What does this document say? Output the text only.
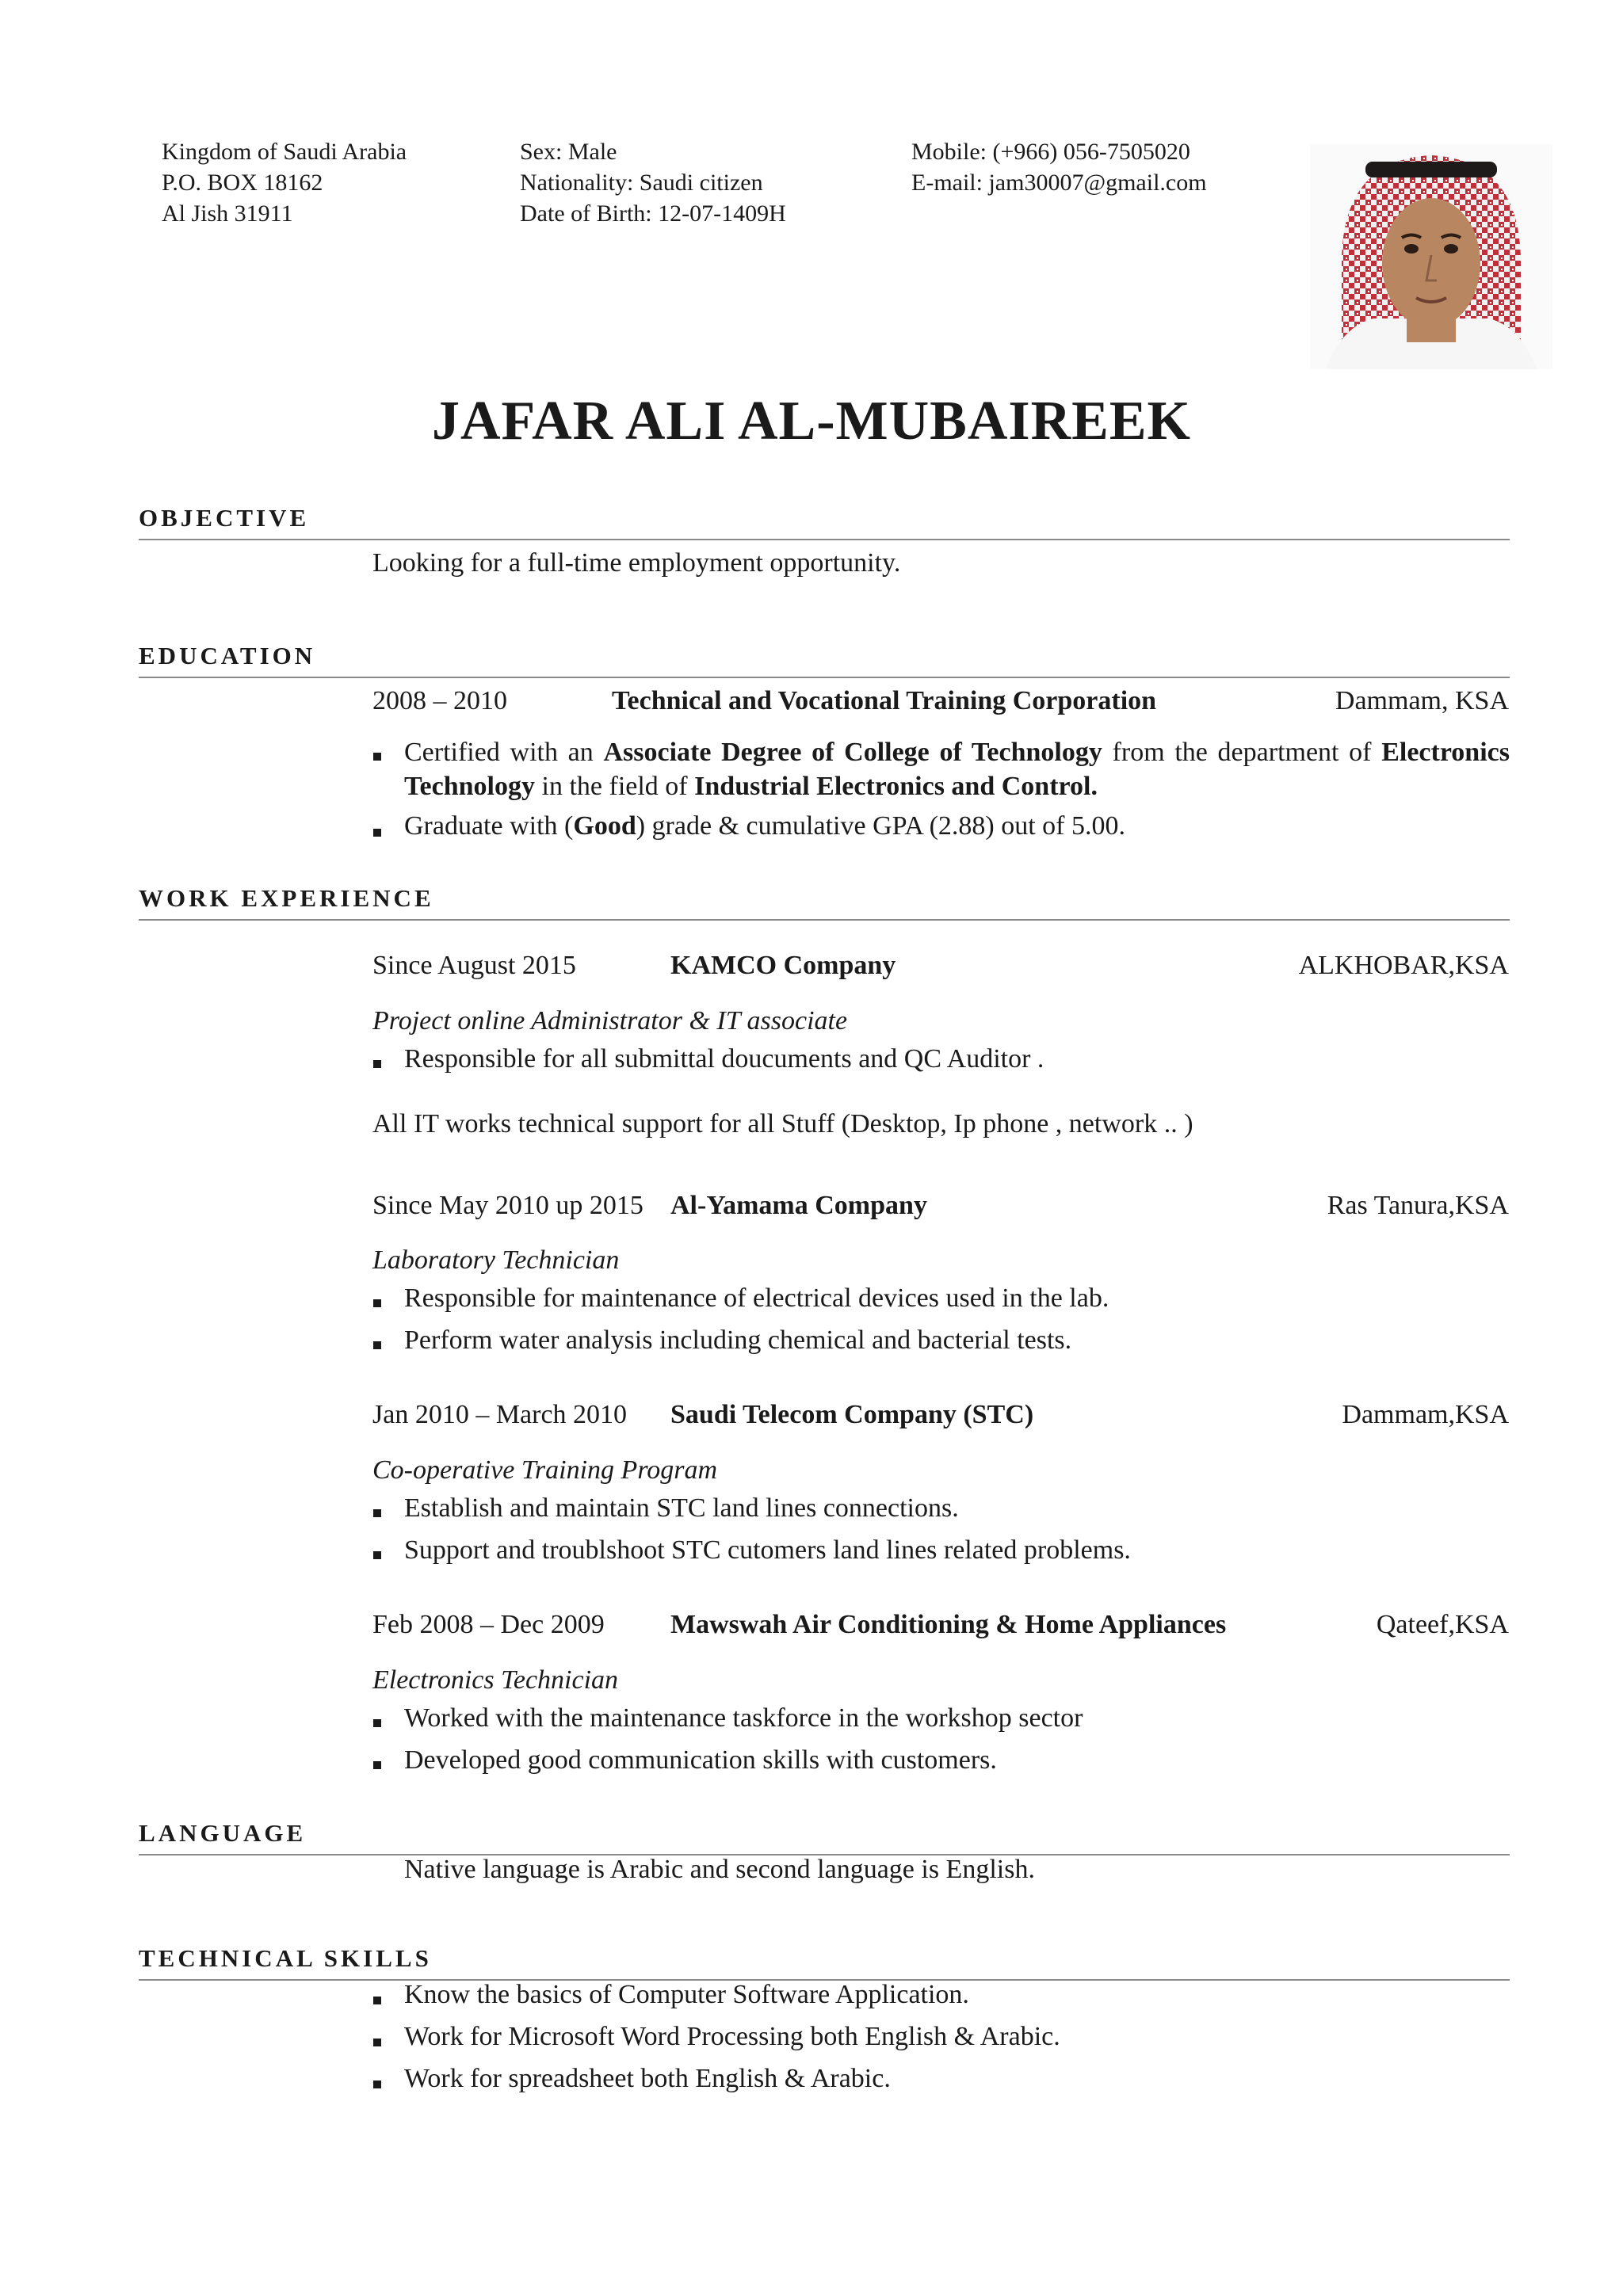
Kingdom of Saudi Arabia
P.O. BOX 18162
Al Jish 31911
Sex: Male
Nationality: Saudi citizen
Date of Birth: 12-07-1409H
Mobile: (+966) 056-7505020
E-mail: jam30007@gmail.com
JAFAR ALI AL-MUBAIREEK
OBJECTIVE
Looking for a full-time employment opportunity.
EDUCATION
2008 – 2010	Technical and Vocational Training Corporation	Dammam, KSA
Certified with an Associate Degree of College of Technology from the department of Electronics Technology in the field of Industrial Electronics and Control.
Graduate with (Good) grade & cumulative GPA (2.88) out of 5.00.
WORK EXPERIENCE
Since August 2015	KAMCO Company	ALKHOBAR,KSA
Project online Administrator & IT associate
Responsible for all submittal doucuments and QC Auditor .
All IT works technical support for all Stuff (Desktop, Ip phone , network .. )
Since May 2010 up 2015 Al-Yamama Company	Ras Tanura,KSA
Laboratory Technician
Responsible for maintenance of electrical devices used in the lab.
Perform water analysis including chemical and bacterial tests.
Jan 2010 – March 2010 Saudi Telecom Company (STC)	Dammam,KSA
Co-operative Training Program
Establish and maintain STC land lines connections.
Support and troublshoot STC cutomers land lines related problems.
Feb 2008 – Dec 2009 Mawswah Air Conditioning & Home Appliances	Qateef,KSA
Electronics Technician
Worked with the maintenance taskforce in the workshop sector
Developed good communication skills with customers.
LANGUAGE
Native language is Arabic and second language is English.
TECHNICAL SKILLS
Know the basics of Computer Software Application.
Work for Microsoft Word Processing both English & Arabic.
Work for spreadsheet both English & Arabic.
